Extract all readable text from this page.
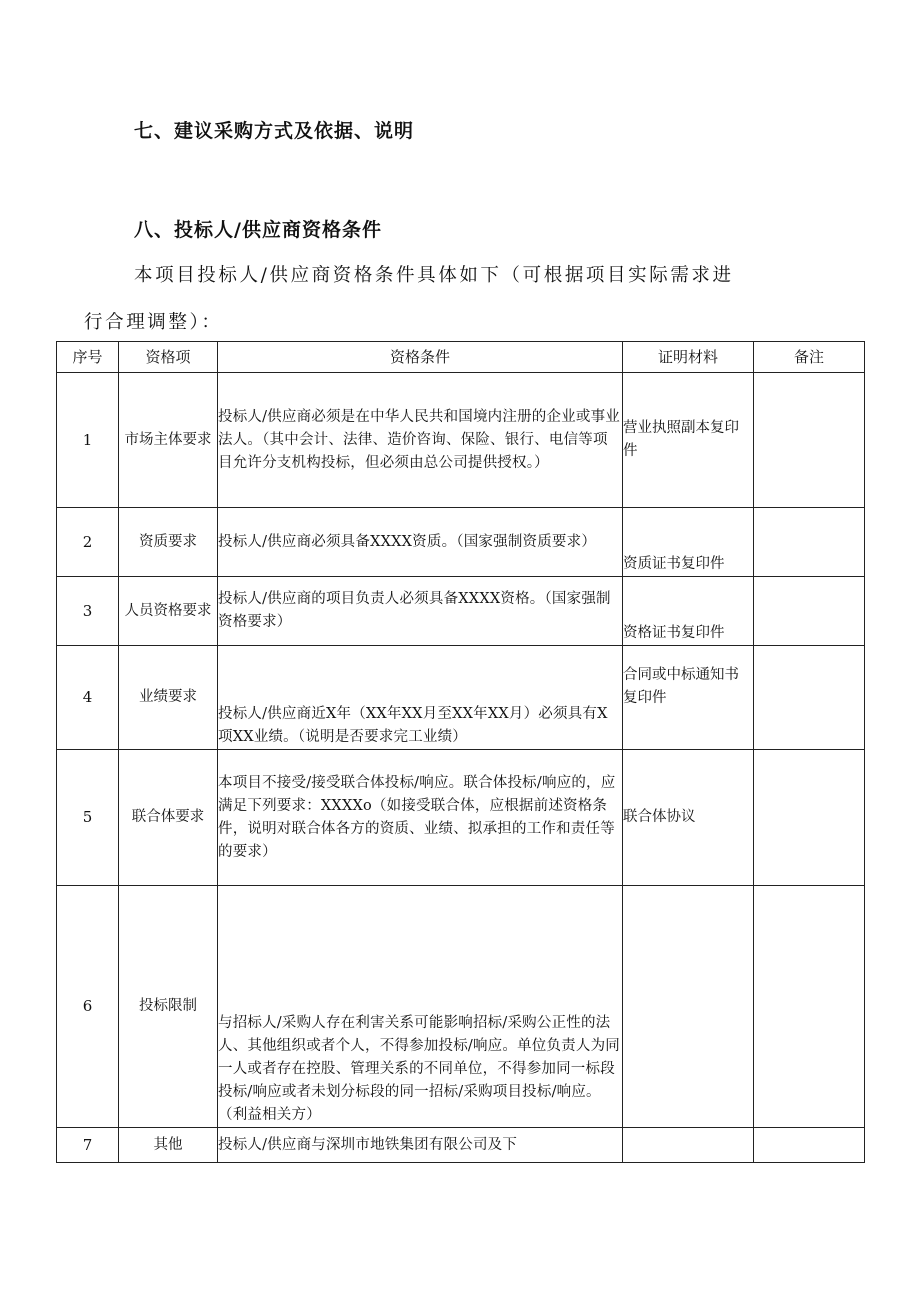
七、建议采购方式及依据、说明
八、投标人/供应商资格条件
本项目投标人/供应商资格条件具体如下（可根据项目实际需求进
行合理调整）：
序号	资格项	资格条件	证明材料	备注
1	市场主体要求	投标人/供应商必须是在中华人民共和国境内注册的企业或事业法人。（其中会计、法律、造价咨询、保险、银行、电信等项目允许分支机构投标，但必须由总公司提供授权。）	营业执照副本复印件	
2	资质要求	投标人/供应商必须具备XXXX资质。（国家强制资质要求）	资质证书复印件	
3	人员资格要求	投标人/供应商的项目负责人必须具备XXXX资格。（国家强制资格要求）	资格证书复印件	
4	业绩要求	投标人/供应商近X年（XX年XX月至XX年XX月）必须具有X项XX业绩。（说明是否要求完工业绩）	合同或中标通知书复印件	
5	联合体要求	本项目不接受/接受联合体投标/响应。联合体投标/响应的，应满足下列要求：XXXXo（如接受联合体，应根据前述资格条件，说明对联合体各方的资质、业绩、拟承担的工作和责任等的要求）	联合体协议	
6	投标限制	与招标人/采购人存在利害关系可能影响招标/采购公正性的法人、其他组织或者个人，不得参加投标/响应。单位负责人为同一人或者存在控股、管理关系的不同单位，不得参加同一标段投标/响应或者未划分标段的同一招标/采购项目投标/响应。（利益相关方）		
7	其他	投标人/供应商与深圳市地铁集团有限公司及下		
